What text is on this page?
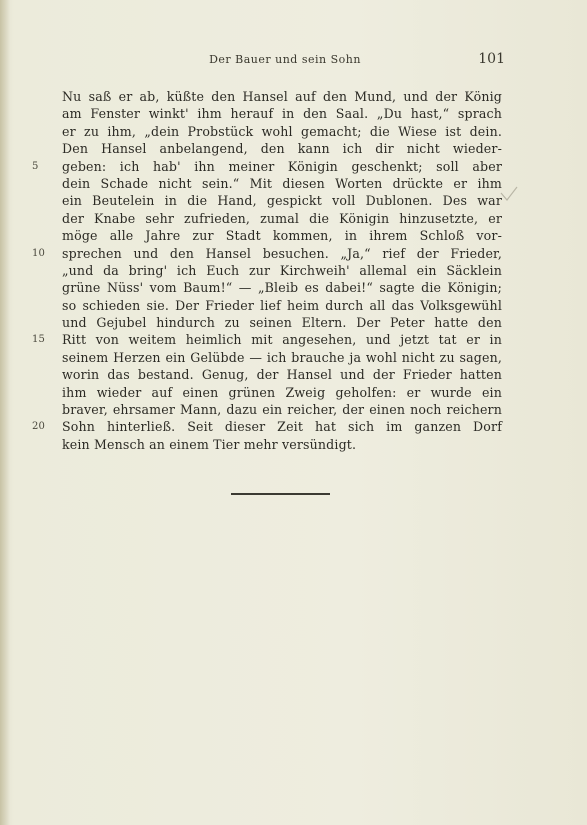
Der Bauer und sein Sohn	101
Nu saß er ab, küßte den Hansel auf den Mund, und der König
am Fenster winkt' ihm herauf in den Saal. „Du hast,“ sprach
er zu ihm, „dein Probstück wohl gemacht; die Wiese ist dein.
Den Hansel anbelangend, den kann ich dir nicht wieder-
5	geben: ich hab' ihn meiner Königin geschenkt; soll aber
dein Schade nicht sein.“ Mit diesen Worten drückte er ihm
ein Beutelein in die Hand, gespickt voll Dublonen. Des war
der Knabe sehr zufrieden, zumal die Königin hinzusetzte, er
möge alle Jahre zur Stadt kommen, in ihrem Schloß vor-
10	sprechen und den Hansel besuchen. „Ja,“ rief der Frieder,
„und da bring' ich Euch zur Kirchweih' allemal ein Säcklein
grüne Nüss' vom Baum!“ — „Bleib es dabei!“ sagte die Königin;
so schieden sie. Der Frieder lief heim durch all das Volksgewühl
und Gejubel hindurch zu seinen Eltern. Der Peter hatte den
15	Ritt von weitem heimlich mit angesehen, und jetzt tat er in
seinem Herzen ein Gelübde — ich brauche ja wohl nicht zu sagen,
worin das bestand. Genug, der Hansel und der Frieder hatten
ihm wieder auf einen grünen Zweig geholfen: er wurde ein
braver, ehrsamer Mann, dazu ein reicher, der einen noch reichern
20	Sohn hinterließ. Seit dieser Zeit hat sich im ganzen Dorf
kein Mensch an einem Tier mehr versündigt.
